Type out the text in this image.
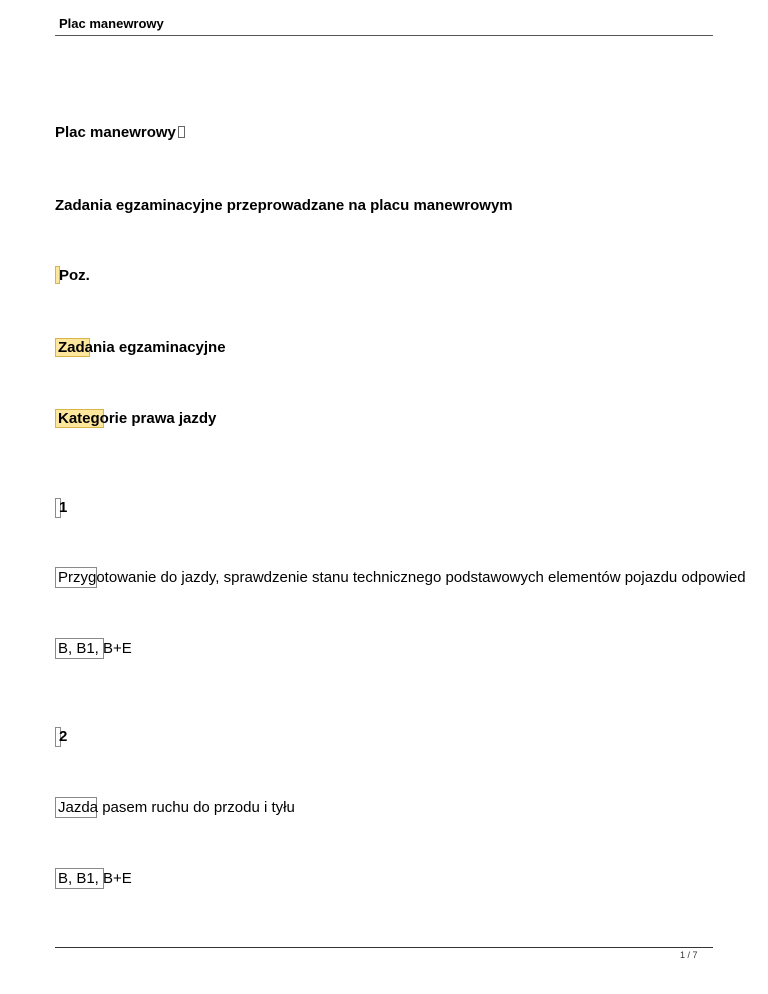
Plac manewrowy
Plac manewrowy
Zadania egzaminacyjne przeprowadzane na placu manewrowym
Poz.
Zadania egzaminacyjne
Kategorie prawa jazdy
1
Przygotowanie do jazdy, sprawdzenie stanu technicznego podstawowych elementów pojazdu odpowied
B, B1, B+E
2
Jazda pasem ruchu do przodu i tyłu
B, B1, B+E
1 / 7
